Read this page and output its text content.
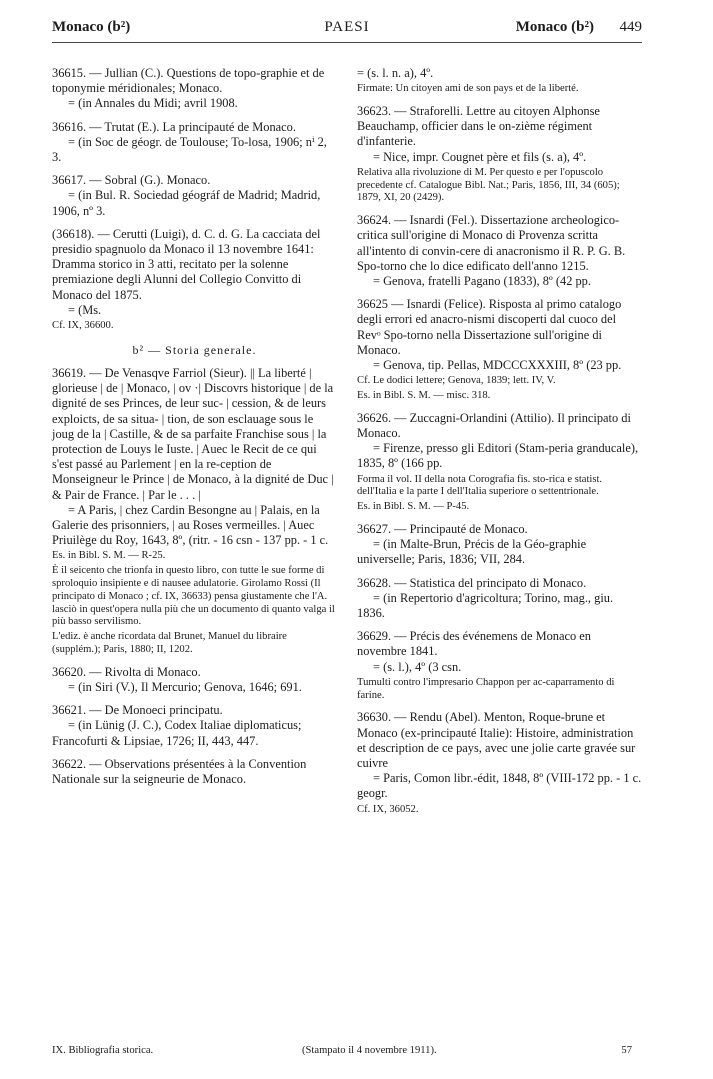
Monaco (b²)	PAESI	Monaco (b²) 449

36615. — Jullian (C.). Questions de topo-graphie et de toponymie méridionales; Monaco.

= (in Annales du Midi; avril 1908.

36616. — Trutat (E.). La principauté de Monaco.

= (in Soc de géogr. de Toulouse; To-losa, 1906; nⁱ 2, 3.

36617. — Sobral (G.). Monaco.

= (in Bul. R. Sociedad géográf de Madrid; Madrid, 1906, nº 3.

(36618). — Cerutti (Luigi), d. C. d. G. La cacciata del presidio spagnuolo da Monaco il 13 novembre 1641: Dramma storico in 3 atti, recitato per la solenne premiazione degli Alunni del Collegio Convitto di Monaco del 1875.

= (Ms.

Cf. IX, 36600.

b² — Storia generale.

36619. — De Venasqve Farriol (Sieur). || La liberté | glorieuse | de | Monaco, | ov ·| Discovrs historique | de la dignité de ses Princes, de leur suc- | cession, & de leurs exploicts, de sa situa- | tion, de son esclauage sous le joug de la | Castille, & de sa parfaite Franchise sous | la protection de Louys le Iuste. | Auec le Recit de ce qui s'est passé au Parlement | en la re-ception de Monseigneur le Prince | de Monaco, à la dignité de Duc | & Pair de France. | Par le . . . |

= A Paris, | chez Cardin Besongne au | Palais, en la Galerie des prisonniers, | au Roses vermeilles. | Auec Priuilège du Roy, 1643, 8º, (ritr. - 16 csn - 137 pp. - 1 c.

Es. in Bibl. S. M. — R-25.

È il seicento che trionfa in questo libro, con tutte le sue forme di sproloquio insipiente e di nausee adulatorie. Girolamo Rossi (Il principato di Monaco ; cf. IX, 36633) pensa giustamente che l'A. lasciò in quest'opera nulla più che un documento di quanto valga il più basso servilismo.

L'ediz. è anche ricordata dal Brunet, Manuel du libraire (supplém.); Paris, 1880; II, 1202.

36620. — Rivolta di Monaco.

= (in Siri (V.), Il Mercurio; Genova, 1646; 691.

36621. — De Monoeci principatu.

= (in Lünig (J. C.), Codex Italiae diplomaticus; Francofurti & Lipsiae, 1726; II, 443, 447.

36622. — Observations présentées à la Convention Nationale sur la seigneurie de Monaco.

= (s. l. n. a), 4º.

Firmate: Un citoyen ami de son pays et de la liberté.

36623. — Straforelli. Lettre au citoyen Alphonse Beauchamp, officier dans le on-zième régiment d'infanterie.

= Nice, impr. Cougnet père et fils (s. a), 4º.

Relativa alla rivoluzione di M. Per questo e per l'opuscolo precedente cf. Catalogue Bibl. Nat.; Paris, 1856, III, 34 (605); 1879, XI, 20 (2429).

36624. — Isnardi (Fel.). Dissertazione archeologico-critica sull'origine di Monaco di Provenza scritta all'intento di convin-cere di anacronismo il R. P. G. B. Spo-torno che lo dice edificato dell'anno 1215.

= Genova, fratelli Pagano (1833), 8º (42 pp.

36625 — Isnardi (Felice). Risposta al primo catalogo degli errori ed anacro-nismi discoperti dal cuoco del Revᵒ Spo-torno nella Dissertazione sull'origine di Monaco.

= Genova, tip. Pellas, MDCCCXXXIII, 8º (23 pp.

Cf. Le dodici lettere; Genova, 1839; lett. IV, V.

Es. in Bibl. S. M. — misc. 318.

36626. — Zuccagni-Orlandini (Attilio). Il principato di Monaco.

= Firenze, presso gli Editori (Stam-peria granducale), 1835, 8º (166 pp.

Forma il vol. II della nota Corografia fis. sto-rica e statist. dell'Italia e la parte I dell'Italia superiore o settentrionale.

Es. in Bibl. S. M. — P-45.

36627. — Principauté de Monaco.

= (in Malte-Brun, Précis de la Géo-graphie universelle; Paris, 1836; VII, 284.

36628. — Statistica del principato di Monaco.

= (in Repertorio d'agricoltura; Torino, mag., giu. 1836.

36629. — Précis des événemens de Monaco en novembre 1841.

= (s. l.), 4º (3 csn.

Tumulti contro l'impresario Chappon per ac-caparramento di farine.

36630. — Rendu (Abel). Menton, Roque-brune et Monaco (ex-principauté Italie): Histoire, administration et description de ce pays, avec une jolie carte gravée sur cuivre

= Paris, Comon libr.-édit, 1848, 8º (VIII-172 pp. - 1 c. geogr.

Cf. IX, 36052.

IX. Bibliografia storica.	(Stampato il 4 novembre 1911).	57
